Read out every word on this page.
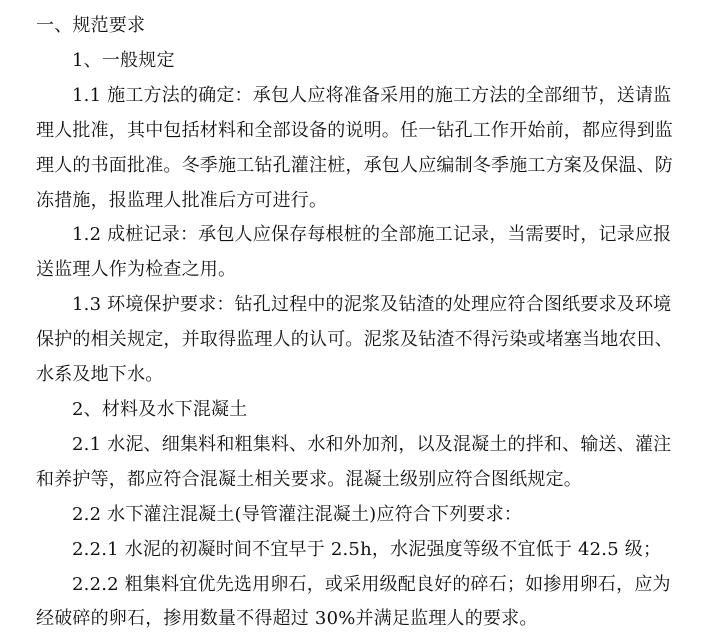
一、规范要求

1、一般规定

1.1 施工方法的确定：承包人应将准备采用的施工方法的全部细节，送请监

理人批准，其中包括材料和全部设备的说明。任一钻孔工作开始前，都应得到监

理人的书面批准。冬季施工钻孔灌注桩，承包人应编制冬季施工方案及保温、防

冻措施，报监理人批准后方可进行。

1.2 成桩记录：承包人应保存每根桩的全部施工记录，当需要时，记录应报

送监理人作为检查之用。

1.3 环境保护要求：钻孔过程中的泥浆及钻渣的处理应符合图纸要求及环境

保护的相关规定，并取得监理人的认可。泥浆及钻渣不得污染或堵塞当地农田、

水系及地下水。

2、材料及水下混凝土

2.1 水泥、细集料和粗集料、水和外加剂，以及混凝土的拌和、输送、灌注

和养护等，都应符合混凝土相关要求。混凝土级别应符合图纸规定。

2.2 水下灌注混凝土(导管灌注混凝土)应符合下列要求：

2.2.1 水泥的初凝时间不宜早于 2.5h，水泥强度等级不宜低于 42.5 级；

2.2.2 粗集料宜优先选用卵石，或采用级配良好的碎石；如掺用卵石，应为

经破碎的卵石，掺用数量不得超过 30%并满足监理人的要求。
